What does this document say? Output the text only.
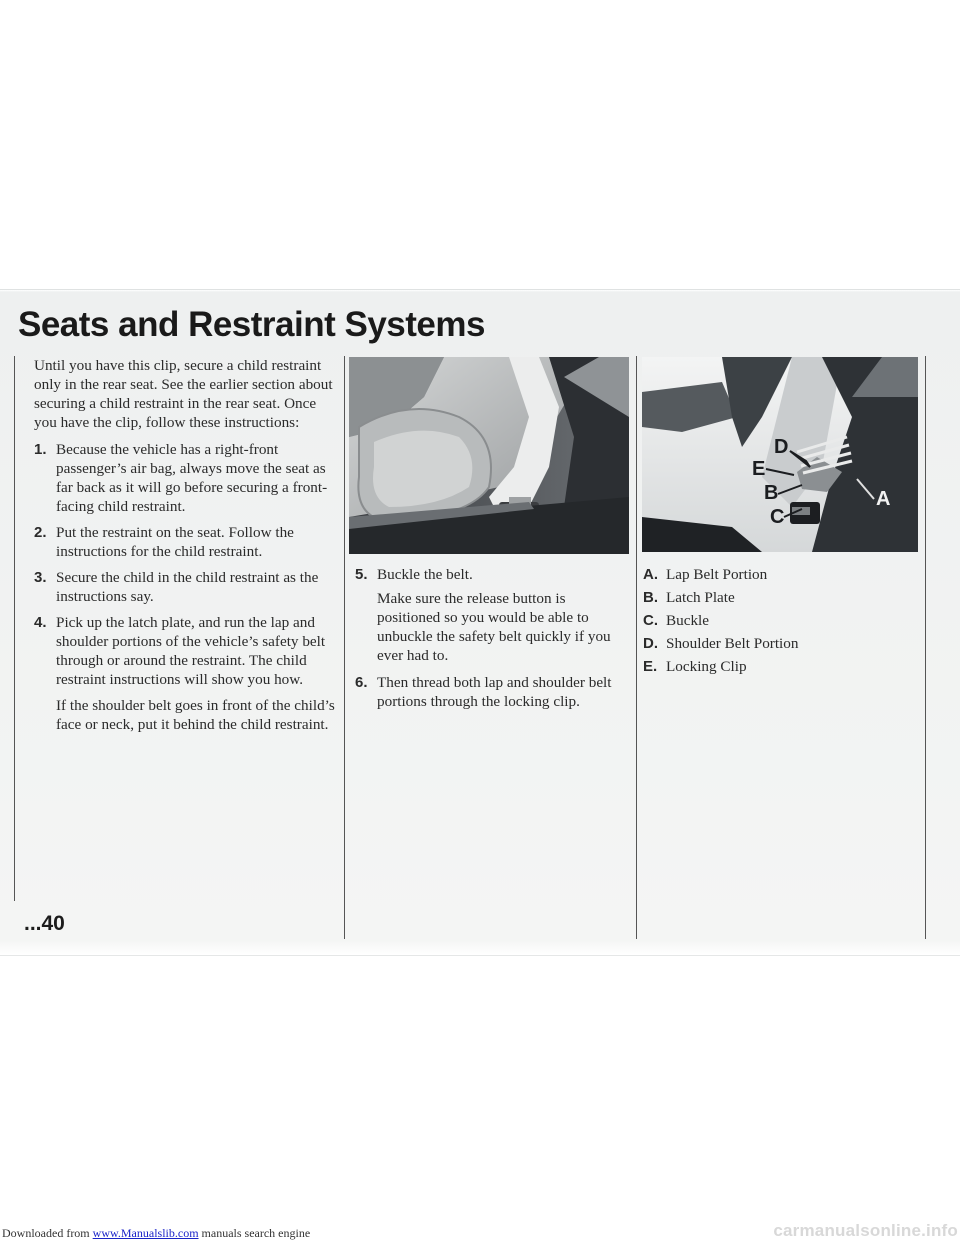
Seats and Restraint Systems

Until you have this clip, secure a child restraint only in the rear seat. See the earlier section about securing a child restraint in the rear seat. Once you have the clip, follow these instructions:

1. Because the vehicle has a right-front passenger’s air bag, always move the seat as far back as it will go before securing a front-facing child restraint.
2. Put the restraint on the seat. Follow the instructions for the child restraint.
3. Secure the child in the child restraint as the instructions say.
4. Pick up the latch plate, and run the lap and shoulder portions of the vehicle’s safety belt through or around the restraint. The child restraint instructions will show you how.

If the shoulder belt goes in front of the child’s face or neck, put it behind the child restraint.

5. Buckle the belt.

Make sure the release button is positioned so you would be able to unbuckle the safety belt quickly if you ever had to.

6. Then thread both lap and shoulder belt portions through the locking clip.
D
E
B
C
A
A. Lap Belt Portion
B. Latch Plate
C. Buckle
D. Shoulder Belt Portion
E. Locking Clip
...40
Downloaded from www.Manualslib.com manuals search engine	carmanualsonline.info
